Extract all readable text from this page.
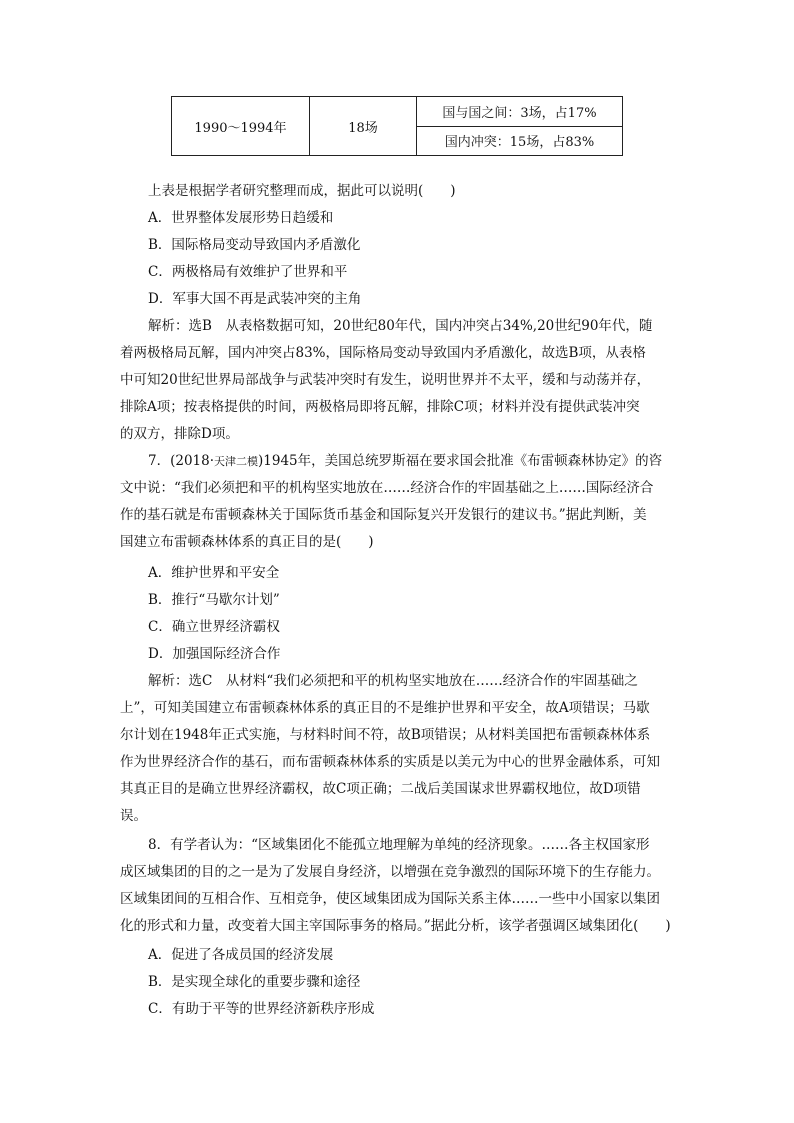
1990～1994年	18场	国与国之间：3场，占17%
国内冲突：15场，占83%
上表是根据学者研究整理而成，据此可以说明(　　)
A．世界整体发展形势日趋缓和
B．国际格局变动导致国内矛盾激化
C．两极格局有效维护了世界和平
D．军事大国不再是武装冲突的主角
解析：选B　从表格数据可知，20世纪80年代，国内冲突占34%,20世纪90年代，随
着两极格局瓦解，国内冲突占83%，国际格局变动导致国内矛盾激化，故选B项，从表格
中可知20世纪世界局部战争与武装冲突时有发生，说明世界并不太平，缓和与动荡并存，
排除A项；按表格提供的时间，两极格局即将瓦解，排除C项；材料并没有提供武装冲突
的双方，排除D项。
7．(2018·天津二模)1945年，美国总统罗斯福在要求国会批准《布雷顿森林协定》的咨
文中说：“我们必须把和平的机构坚实地放在……经济合作的牢固基础之上……国际经济合
作的基石就是布雷顿森林关于国际货币基金和国际复兴开发银行的建议书。”据此判断，美
国建立布雷顿森林体系的真正目的是(　　)
A．维护世界和平安全
B．推行“马歇尔计划”
C．确立世界经济霸权
D．加强国际经济合作
解析：选C　从材料“我们必须把和平的机构坚实地放在……经济合作的牢固基础之
上”，可知美国建立布雷顿森林体系的真正目的不是维护世界和平安全，故A项错误；马歇
尔计划在1948年正式实施，与材料时间不符，故B项错误；从材料美国把布雷顿森林体系
作为世界经济合作的基石，而布雷顿森林体系的实质是以美元为中心的世界金融体系，可知
其真正目的是确立世界经济霸权，故C项正确；二战后美国谋求世界霸权地位，故D项错
误。
8．有学者认为：“区域集团化不能孤立地理解为单纯的经济现象。……各主权国家形
成区域集团的目的之一是为了发展自身经济，以增强在竞争激烈的国际环境下的生存能力。
区域集团间的互相合作、互相竞争，使区域集团成为国际关系主体……一些中小国家以集团
化的形式和力量，改变着大国主宰国际事务的格局。”据此分析，该学者强调区域集团化(　　)
A．促进了各成员国的经济发展
B．是实现全球化的重要步骤和途径
C．有助于平等的世界经济新秩序形成
